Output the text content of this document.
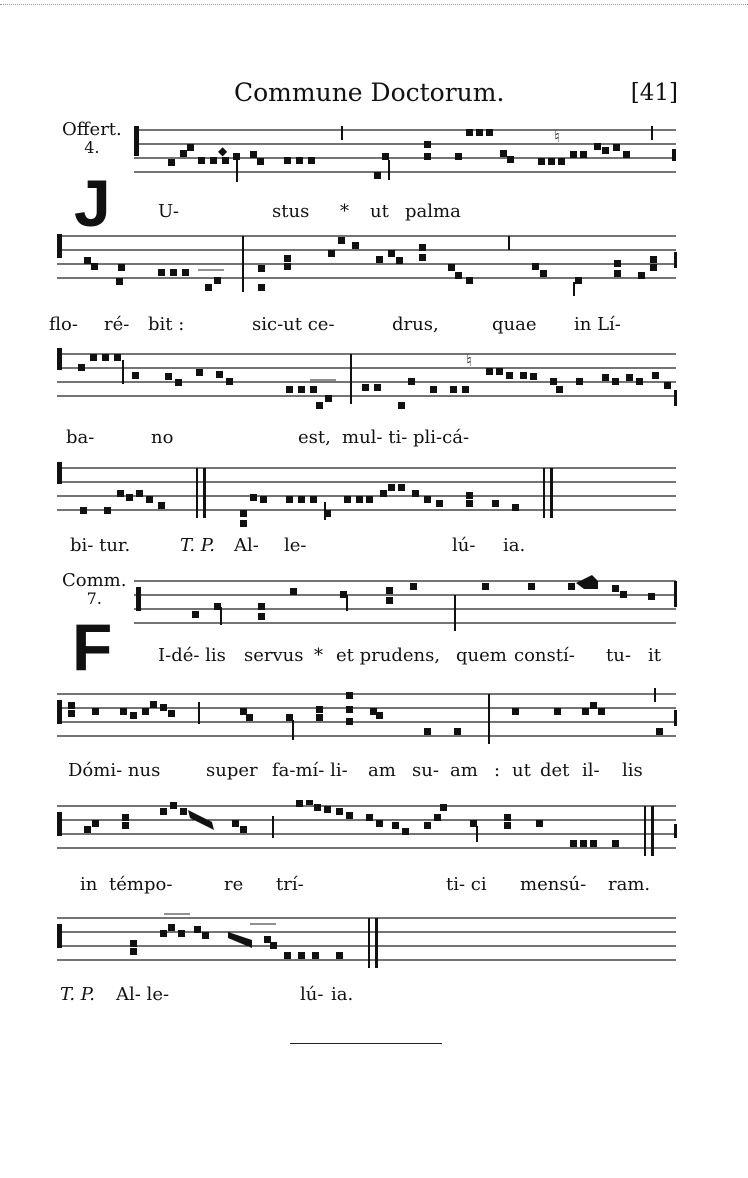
Commune Doctorum.	[41]
Offert.
4.
J
◆
♮
U-	stus * ut palma
flo- ré- bit :	sic-ut ce-	drus,	quae in Lí-
♮
ba-	no	est, mul- ti- pli-cá-
bi- tur.	T. P. Al- le-	lú- ia.
Comm.
7.
F	I-dé- lis servus * et prudens, quem constí- tu- it
Dómi- nus	super fa-mí- li- am su- am : ut det il- lis
in témpo-	re trí-	ti- ci mensú- ram.
T. P. Al- le-	lú- ia.
